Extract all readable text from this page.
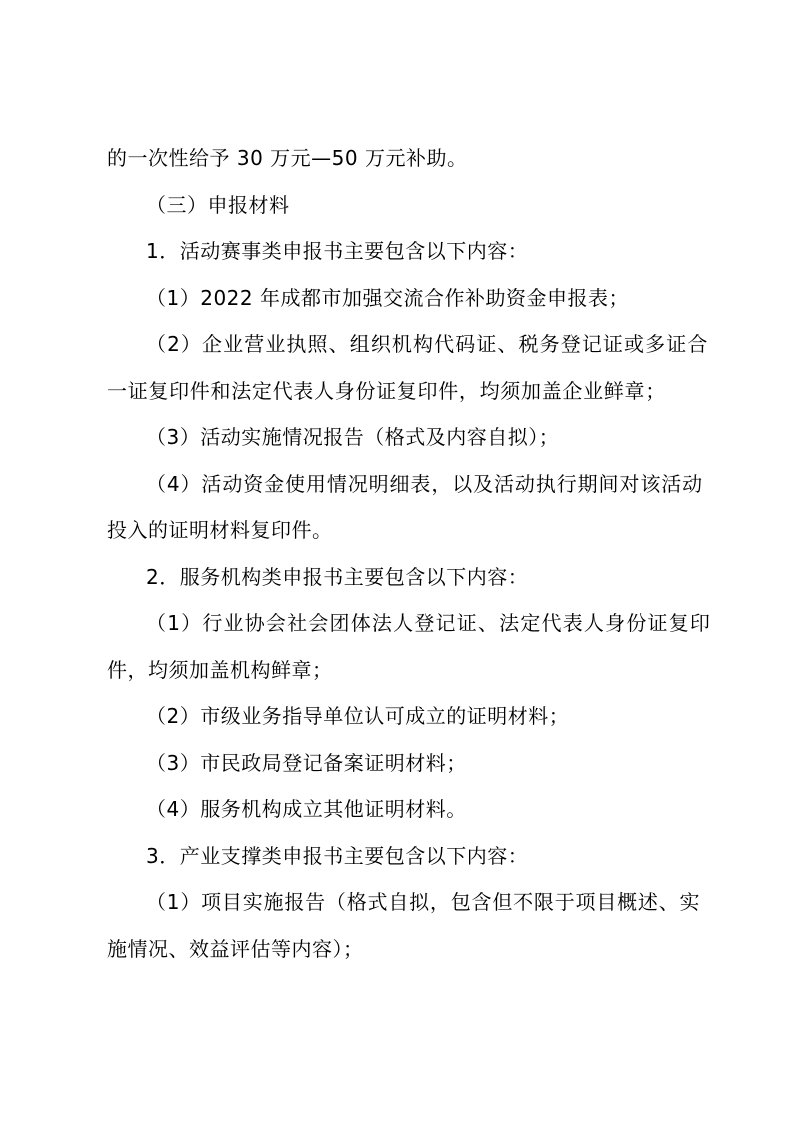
的一次性给予 30 万元—50 万元补助。
（三）申报材料
1．活动赛事类申报书主要包含以下内容：
（1）2022 年成都市加强交流合作补助资金申报表；
（2）企业营业执照、组织机构代码证、税务登记证或多证合
一证复印件和法定代表人身份证复印件，均须加盖企业鲜章；
（3）活动实施情况报告（格式及内容自拟）；
（4）活动资金使用情况明细表，以及活动执行期间对该活动
投入的证明材料复印件。
2．服务机构类申报书主要包含以下内容：
（1）行业协会社会团体法人登记证、法定代表人身份证复印
件，均须加盖机构鲜章；
（2）市级业务指导单位认可成立的证明材料；
（3）市民政局登记备案证明材料；
（4）服务机构成立其他证明材料。
3．产业支撑类申报书主要包含以下内容：
（1）项目实施报告（格式自拟，包含但不限于项目概述、实
施情况、效益评估等内容）；
